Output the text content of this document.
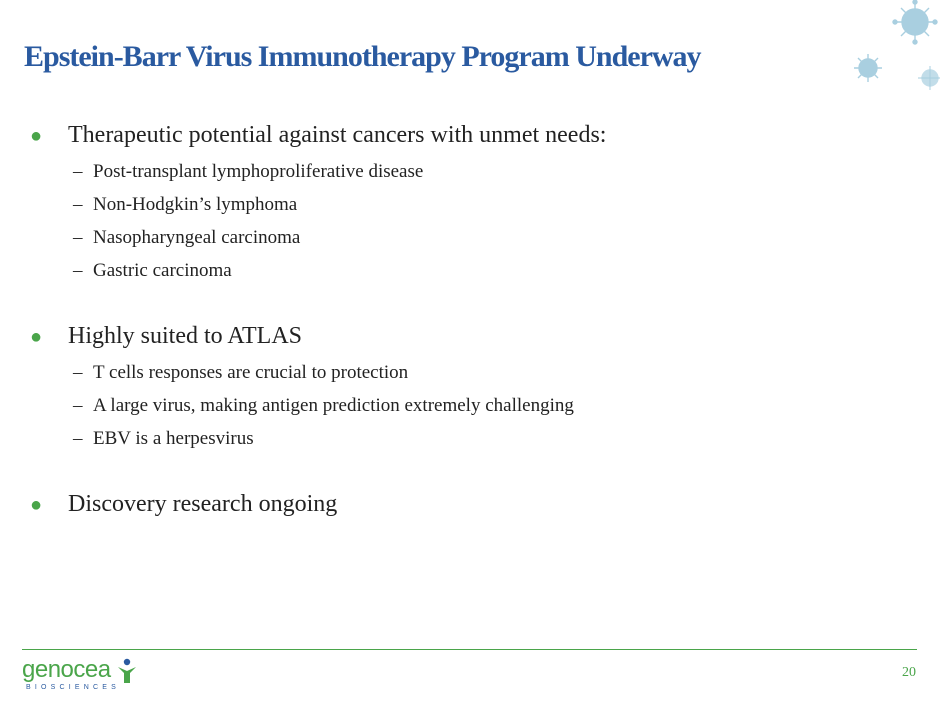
Epstein-Barr Virus Immunotherapy Program Underway
●	Therapeutic potential against cancers with unmet needs:
– Post-transplant lymphoproliferative disease
– Non-Hodgkin’s lymphoma
– Nasopharyngeal carcinoma
– Gastric carcinoma
●	Highly suited to ATLAS
– T cells responses are crucial to protection
– A large virus, making antigen prediction extremely challenging
– EBV is a herpesvirus
●	Discovery research ongoing
genocea
BIOSCIENCES
20
